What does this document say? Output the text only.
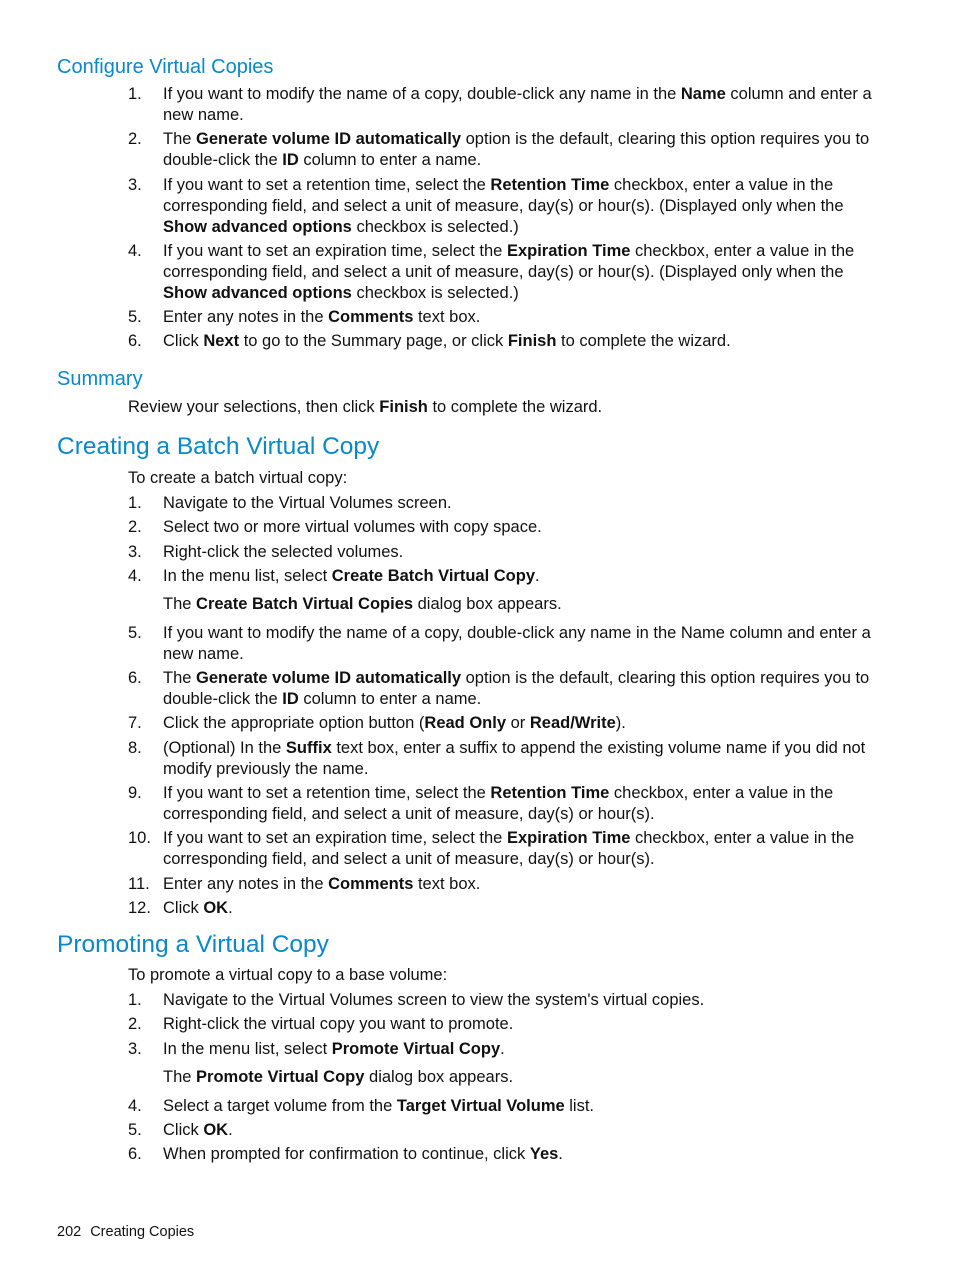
Configure Virtual Copies
1. If you want to modify the name of a copy, double-click any name in the Name column and enter a new name.
2. The Generate volume ID automatically option is the default, clearing this option requires you to double-click the ID column to enter a name.
3. If you want to set a retention time, select the Retention Time checkbox, enter a value in the corresponding field, and select a unit of measure, day(s) or hour(s). (Displayed only when the Show advanced options checkbox is selected.)
4. If you want to set an expiration time, select the Expiration Time checkbox, enter a value in the corresponding field, and select a unit of measure, day(s) or hour(s). (Displayed only when the Show advanced options checkbox is selected.)
5. Enter any notes in the Comments text box.
6. Click Next to go to the Summary page, or click Finish to complete the wizard.
Summary

Review your selections, then click Finish to complete the wizard.

Creating a Batch Virtual Copy

To create a batch virtual copy:

1. Navigate to the Virtual Volumes screen.
2. Select two or more virtual volumes with copy space.
3. Right-click the selected volumes.
4. In the menu list, select Create Batch Virtual Copy.
The Create Batch Virtual Copies dialog box appears.
5. If you want to modify the name of a copy, double-click any name in the Name column and enter a new name.
6. The Generate volume ID automatically option is the default, clearing this option requires you to double-click the ID column to enter a name.
7. Click the appropriate option button (Read Only or Read/Write).
8. (Optional) In the Suffix text box, enter a suffix to append the existing volume name if you did not modify previously the name.
9. If you want to set a retention time, select the Retention Time checkbox, enter a value in the corresponding field, and select a unit of measure, day(s) or hour(s).
10. If you want to set an expiration time, select the Expiration Time checkbox, enter a value in the corresponding field, and select a unit of measure, day(s) or hour(s).
11. Enter any notes in the Comments text box.
12. Click OK.
Promoting a Virtual Copy

To promote a virtual copy to a base volume:

1. Navigate to the Virtual Volumes screen to view the system's virtual copies.
2. Right-click the virtual copy you want to promote.
3. In the menu list, select Promote Virtual Copy.
The Promote Virtual Copy dialog box appears.
4. Select a target volume from the Target Virtual Volume list.
5. Click OK.
6. When prompted for confirmation to continue, click Yes.
202 Creating Copies
